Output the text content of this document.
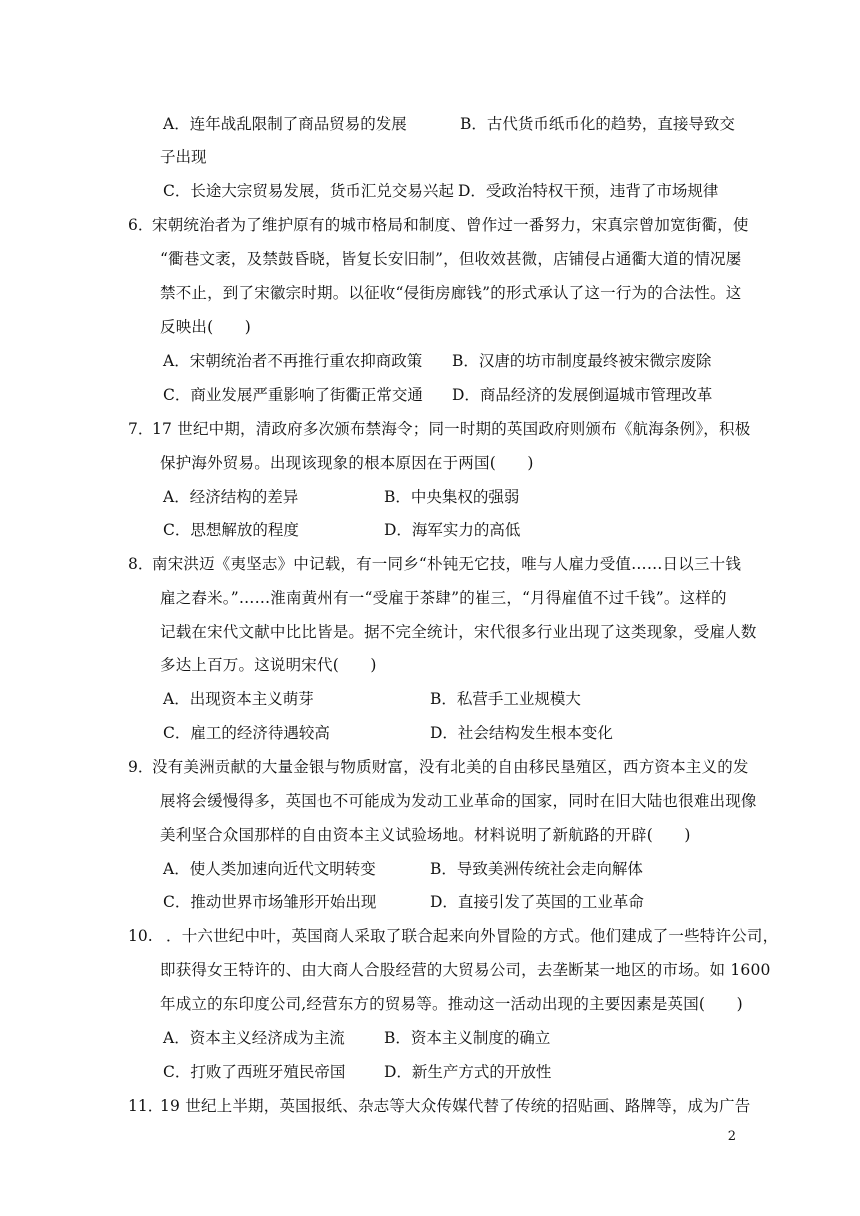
A．连年战乱限制了商品贸易的发展	B．古代货币纸币化的趋势，直接导致交
子出现
C．长途大宗贸易发展，货币汇兑交易兴起 D．受政治特权干预，违背了市场规律
6．
宋朝统治者为了维护原有的城市格局和制度、曾作过一番努力，宋真宗曾加宽街衢，使
“衢巷文袤，及禁鼓昏晓，皆复长安旧制”，但收效甚微，店铺侵占通衢大道的情况屡
禁不止，到了宋徽宗时期。以征收“侵街房廊钱”的形式承认了这一行为的合法性。这
反映出(　　)
A．宋朝统治者不再推行重农抑商政策 B．汉唐的坊市制度最终被宋微宗废除
C．商业发展严重影响了街衢正常交通 D．商品经济的发展倒逼城市管理改革
7．
17 世纪中期，清政府多次颁布禁海令；同一时期的英国政府则颁布《航海条例》，积极
保护海外贸易。出现该现象的根本原因在于两国(　　)
A．经济结构的差异	B．中央集权的强弱
C．思想解放的程度	D．海军实力的高低
8．
南宋洪迈《夷坚志》中记载，有一同乡“朴钝无它技，唯与人雇力受值……日以三十钱
雇之舂米。”……淮南黄州有一“受雇于茶肆”的崔三，“月得雇值不过千钱”。这样的
记载在宋代文献中比比皆是。据不完全统计，宋代很多行业出现了这类现象，受雇人数
多达上百万。这说明宋代(　　)
A．出现资本主义萌芽	B．私营手工业规模大
C．雇工的经济待遇较高	D．社会结构发生根本变化
9．
没有美洲贡献的大量金银与物质财富，没有北美的自由移民垦殖区，西方资本主义的发
展将会缓慢得多，英国也不可能成为发动工业革命的国家，同时在旧大陆也很难出现像
美利坚合众国那样的自由资本主义试验场地。材料说明了新航路的开辟(　　)
A．使人类加速向近代文明转变	B．导致美洲传统社会走向解体
C．推动世界市场雏形开始出现	D．直接引发了英国的工业革命
10. ．十六世纪中叶，英国商人采取了联合起来向外冒险的方式。他们建成了一些特许公司，
即获得女王特许的、由大商人合股经营的大贸易公司，去垄断某一地区的市场。如 1600
年成立的东印度公司,经营东方的贸易等。推动这一活动出现的主要因素是英国(　　)
A．资本主义经济成为主流	B．资本主义制度的确立
C．打败了西班牙殖民帝国 D．新生产方式的开放性
11．
19 世纪上半期，英国报纸、杂志等大众传媒代替了传统的招贴画、路牌等，成为广告
2
